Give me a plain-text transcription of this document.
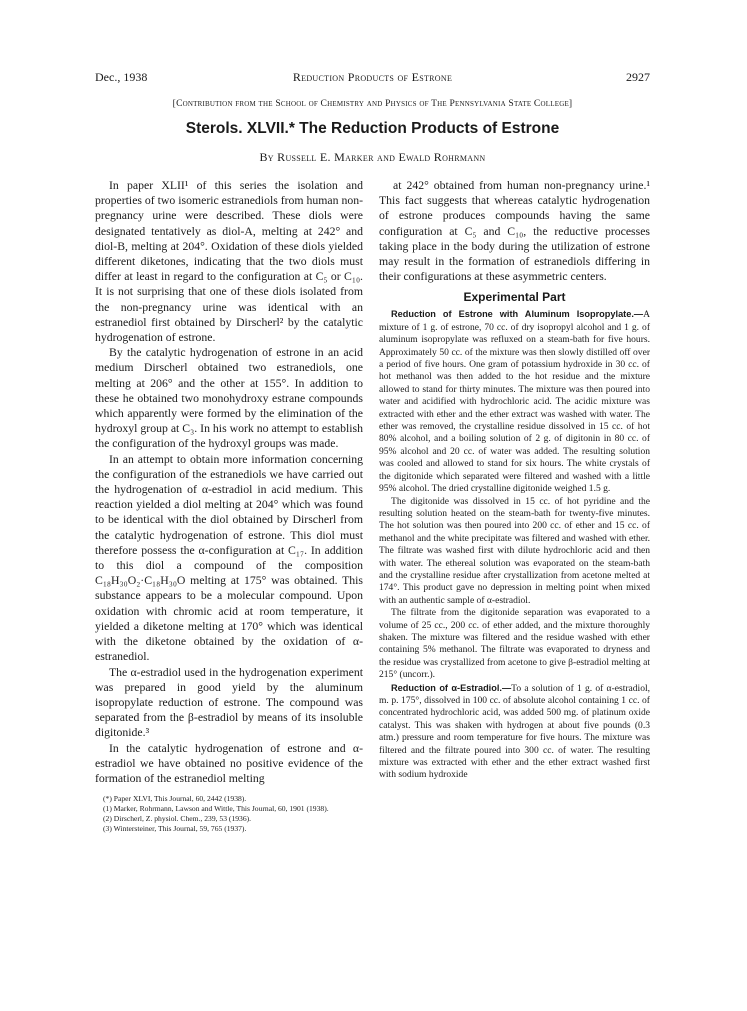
Dec., 1938	Reduction Products of Estrone	2927
[Contribution from the School of Chemistry and Physics of The Pennsylvania State College]
Sterols. XLVII.* The Reduction Products of Estrone
By Russell E. Marker and Ewald Rohrmann

In paper XLII¹ of this series the isolation and properties of two isomeric estranediols from human non-pregnancy urine were described. These diols were designated tentatively as diol-A, melting at 242° and diol-B, melting at 204°. Oxidation of these diols yielded different diketones, indicating that the two diols must differ at least in regard to the configuration at C₅ or C₁₀. It is not surprising that one of these diols isolated from the non-pregnancy urine was identical with an estranediol first obtained by Dirscherl² by the catalytic hydrogenation of estrone.

By the catalytic hydrogenation of estrone in an acid medium Dirscherl obtained two estranediols, one melting at 206° and the other at 155°. In addition to these he obtained two monohydroxy estrane compounds which apparently were formed by the elimination of the hydroxyl group at C₃. In his work no attempt to establish the configuration of the hydroxyl groups was made.

In an attempt to obtain more information concerning the configuration of the estranediols we have carried out the hydrogenation of α-estradiol in acid medium. This reaction yielded a diol melting at 204° which was found to be identical with the diol obtained by Dirscherl from the catalytic hydrogenation of estrone. This diol must therefore possess the α-configuration at C₁₇. In addition to this diol a compound of the composition C₁₈H₃₀O₂·C₁₈H₃₀O melting at 175° was obtained. This substance appears to be a molecular compound. Upon oxidation with chromic acid at room temperature, it yielded a diketone melting at 170° which was identical with the diketone obtained by the oxidation of α-estranediol.

The α-estradiol used in the hydrogenation experiment was prepared in good yield by the aluminum isopropylate reduction of estrone. The compound was separated from the β-estradiol by means of its insoluble digitonide.³

In the catalytic hydrogenation of estrone and α-estradiol we have obtained no positive evidence of the formation of the estranediol melting

(*) Paper XLVI, This Journal, 60, 2442 (1938).
(1) Marker, Rohrmann, Lawson and Wittle, This Journal, 60, 1901 (1938).
(2) Dirscherl, Z. physiol. Chem., 239, 53 (1936).
(3) Wintersteiner, This Journal, 59, 765 (1937).

at 242° obtained from human non-pregnancy urine.¹ This fact suggests that whereas catalytic hydrogenation of estrone produces compounds having the same configuration at C₅ and C₁₀, the reductive processes taking place in the body during the utilization of estrone may result in the formation of estranediols differing in their configurations at these asymmetric centers.

Experimental Part

Reduction of Estrone with Aluminum Isopropylate.—A mixture of 1 g. of estrone, 70 cc. of dry isopropyl alcohol and 1 g. of aluminum isopropylate was refluxed on a steam-bath for five hours. Approximately 50 cc. of the mixture was then slowly distilled off over a period of five hours. One gram of potassium hydroxide in 30 cc. of hot methanol was then added to the hot residue and the mixture allowed to stand for thirty minutes. The mixture was then poured into water and acidified with hydrochloric acid. The acidic mixture was extracted with ether and the ether extract was washed with water. The ether was removed, the crystalline residue dissolved in 15 cc. of hot 80% alcohol, and a boiling solution of 2 g. of digitonin in 80 cc. of 95% alcohol and 20 cc. of water was added. The resulting solution was cooled and allowed to stand for six hours. The white crystals of the digitonide which separated were filtered and washed with a little 95% alcohol. The dried crystalline digitonide weighed 1.5 g.

The digitonide was dissolved in 15 cc. of hot pyridine and the resulting solution heated on the steam-bath for twenty-five minutes. The hot solution was then poured into 200 cc. of ether and 15 cc. of methanol and the white precipitate was filtered and washed with ether. The filtrate was washed first with dilute hydrochloric acid and then with water. The ethereal solution was evaporated on the steam-bath and the crystalline residue after crystallization from acetone melted at 174°. This product gave no depression in melting point when mixed with an authentic sample of α-estradiol.

The filtrate from the digitonide separation was evaporated to a volume of 25 cc., 200 cc. of ether added, and the mixture thoroughly shaken. The mixture was filtered and the residue washed with ether containing 5% methanol. The filtrate was evaporated to dryness and the residue was crystallized from acetone to give β-estradiol melting at 215° (uncorr.).

Reduction of α-Estradiol.—To a solution of 1 g. of α-estradiol, m. p. 175°, dissolved in 100 cc. of absolute alcohol containing 1 cc. of concentrated hydrochloric acid, was added 500 mg. of platinum oxide catalyst. This was shaken with hydrogen at about five pounds (0.3 atm.) pressure and room temperature for five hours. The mixture was filtered and the filtrate poured into 300 cc. of water. The resulting mixture was extracted with ether and the ether extract washed first with sodium hydroxide
